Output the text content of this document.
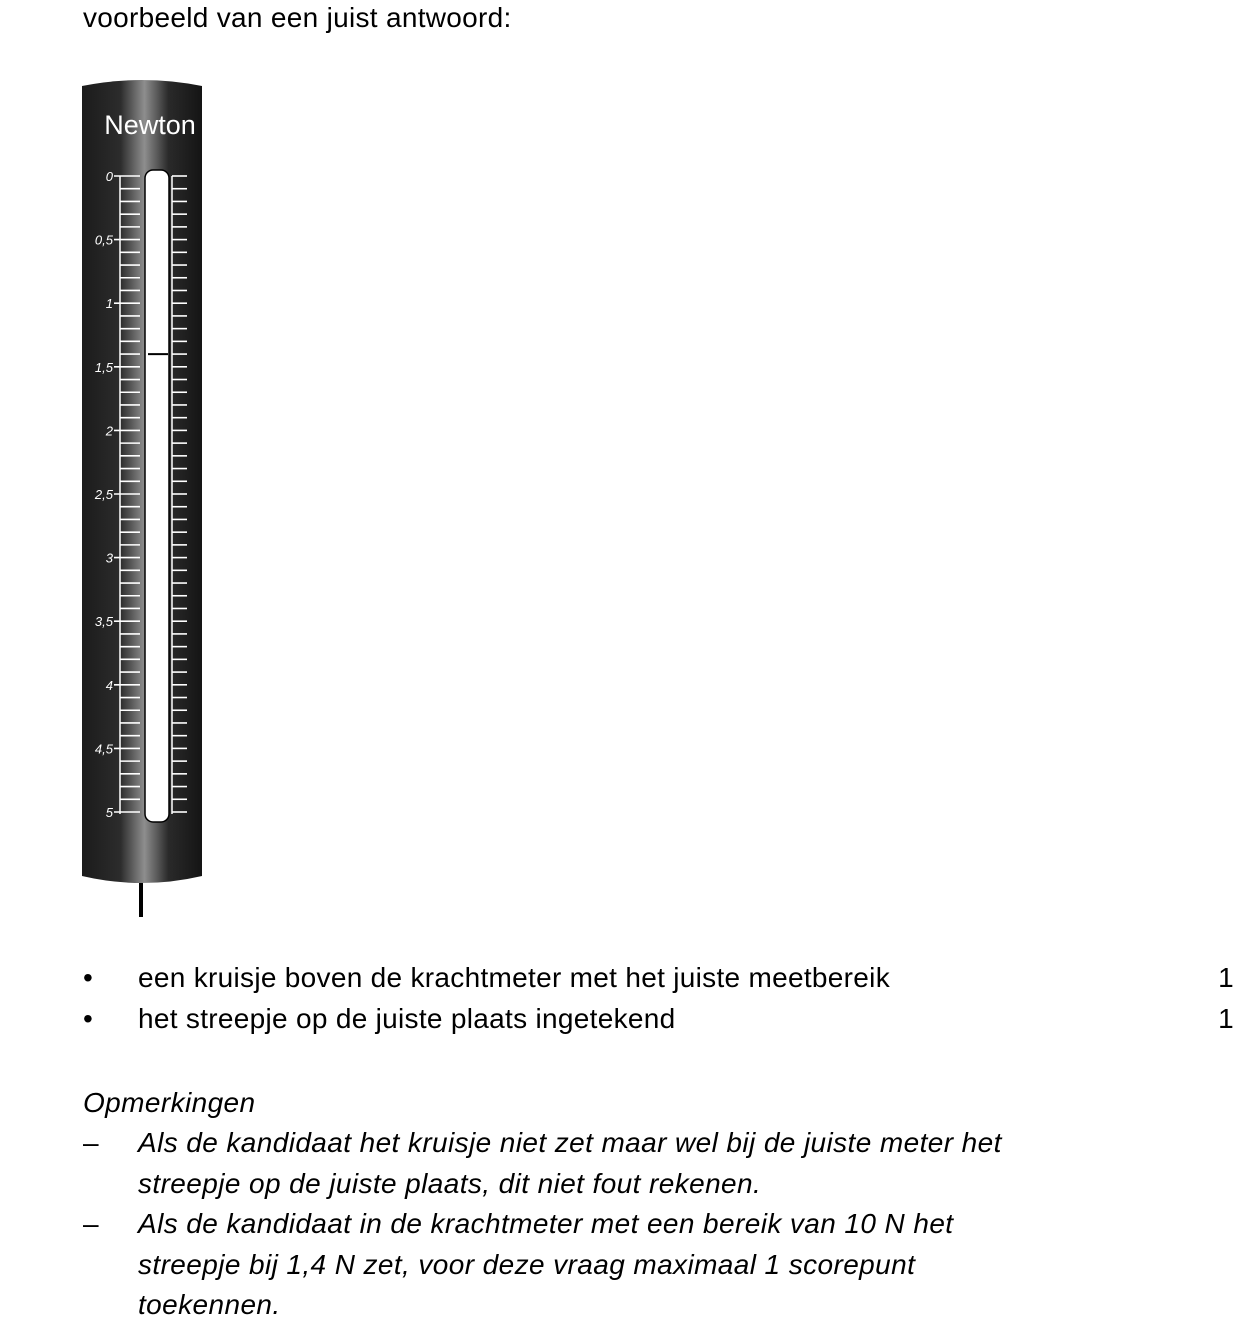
voorbeeld van een juist antwoord:
Newton
0
0,5
1
1,5
2
2,5
3
3,5
4
4,5
5
• een kruisje boven de krachtmeter met het juiste meetbereik	1
• het streepje op de juiste plaats ingetekend	1
Opmerkingen
– Als de kandidaat het kruisje niet zet maar wel bij de juiste meter het
streepje op de juiste plaats, dit niet fout rekenen.
– Als de kandidaat in de krachtmeter met een bereik van 10 N het
streepje bij 1,4 N zet, voor deze vraag maximaal 1 scorepunt
toekennen.
